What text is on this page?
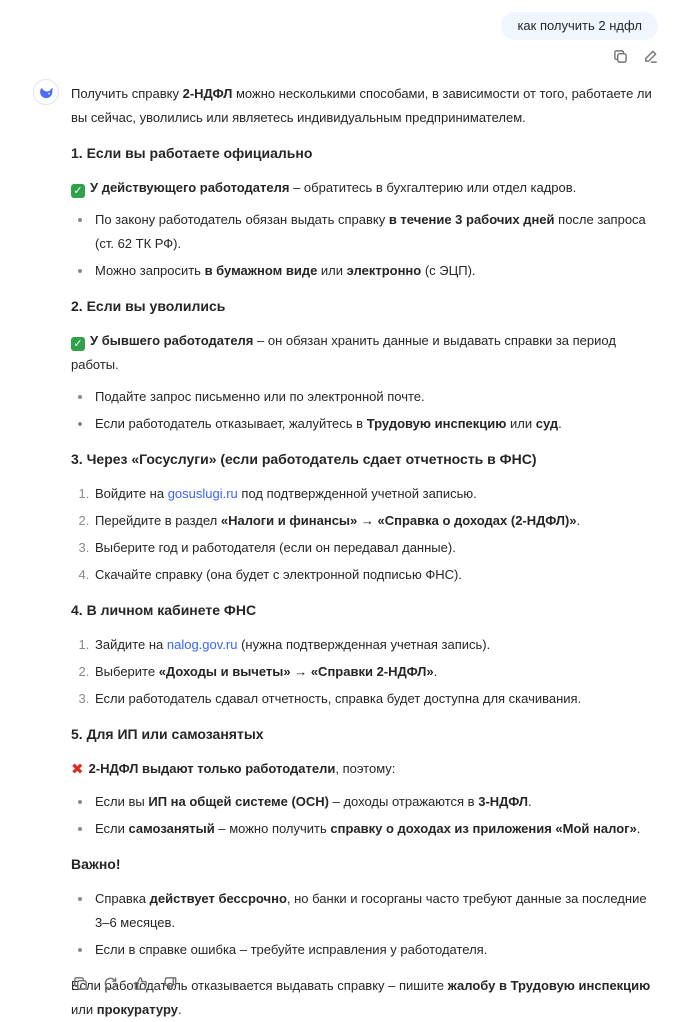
как получить 2 ндфл

Получить справку 2-НДФЛ можно несколькими способами, в зависимости от того, работаете ли вы сейчас, уволились или являетесь индивидуальным предпринимателем.

1. Если вы работаете официально

✓ У действующего работодателя – обратитесь в бухгалтерию или отдел кадров.

• По закону работодатель обязан выдать справку в течение 3 рабочих дней после запроса (ст. 62 ТК РФ).
• Можно запросить в бумажном виде или электронно (с ЭЦП).
2. Если вы уволились

✓ У бывшего работодателя – он обязан хранить данные и выдавать справки за период работы.

• Подайте запрос письменно или по электронной почте.
• Если работодатель отказывает, жалуйтесь в Трудовую инспекцию или суд.
3. Через «Госуслуги» (если работодатель сдает отчетность в ФНС)
1. Войдите на gosuslugi.ru под подтвержденной учетной записью.
2. Перейдите в раздел «Налоги и финансы» → «Справка о доходах (2-НДФЛ)».
3. Выберите год и работодателя (если он передавал данные).
4. Скачайте справку (она будет с электронной подписью ФНС).
4. В личном кабинете ФНС
1. Зайдите на nalog.gov.ru (нужна подтвержденная учетная запись).
2. Выберите «Доходы и вычеты» → «Справки 2-НДФЛ».
3. Если работодатель сдавал отчетность, справка будет доступна для скачивания.
5. Для ИП или самозанятых

✖ 2-НДФЛ выдают только работодатели, поэтому:

• Если вы ИП на общей системе (ОСН) – доходы отражаются в 3-НДФЛ.
• Если самозанятый – можно получить справку о доходах из приложения «Мой налог».
Важно!
• Справка действует бессрочно, но банки и госорганы часто требуют данные за последние 3–6 месяцев.
• Если в справке ошибка – требуйте исправления у работодателя.

Если работодатель отказывается выдавать справку – пишите жалобу в Трудовую инспекцию или прокуратуру.
